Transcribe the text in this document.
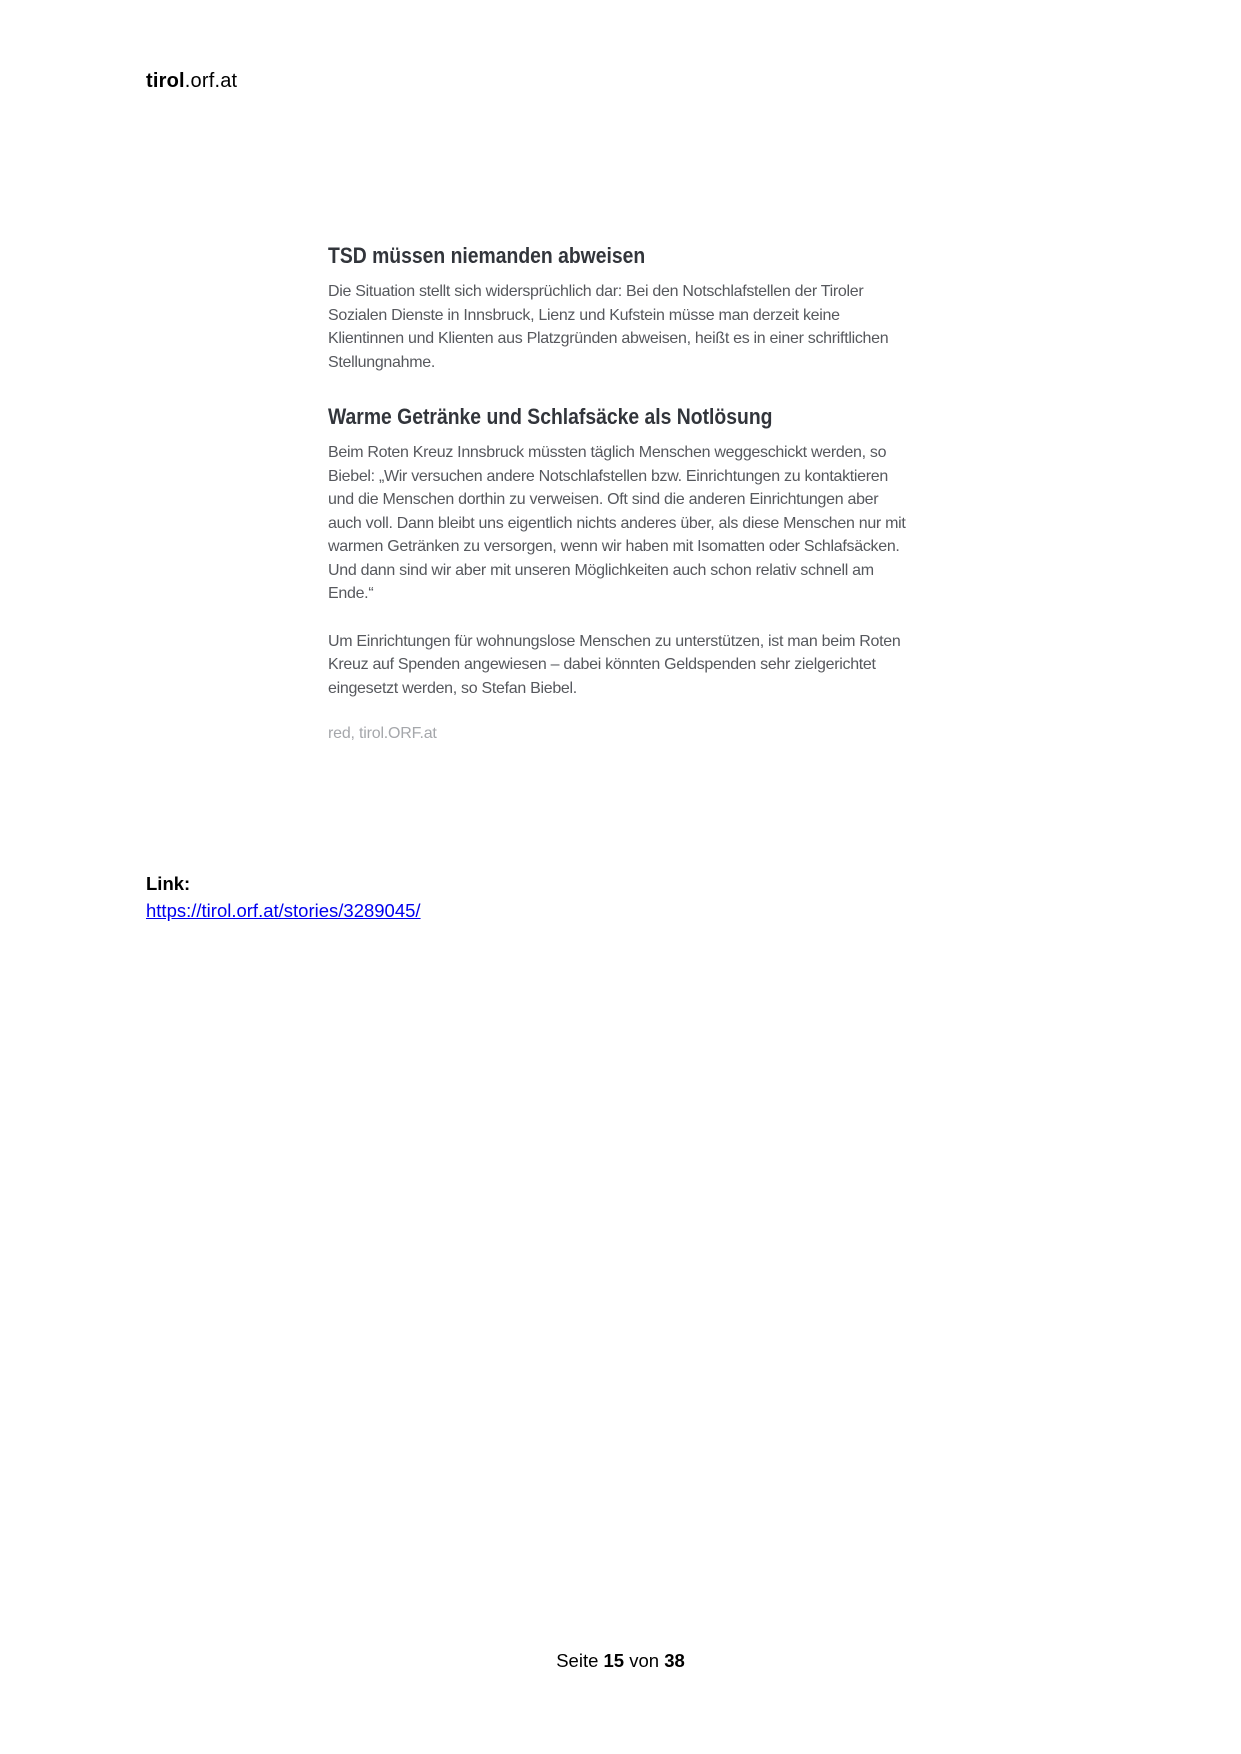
tirol.orf.at
TSD müssen niemanden abweisen

Die Situation stellt sich widersprüchlich dar: Bei den Notschlafstellen der Tiroler Sozialen Dienste in Innsbruck, Lienz und Kufstein müsse man derzeit keine Klientinnen und Klienten aus Platzgründen abweisen, heißt es in einer schriftlichen Stellungnahme.

Warme Getränke und Schlafsäcke als Notlösung

Beim Roten Kreuz Innsbruck müssten täglich Menschen weggeschickt werden, so Biebel: „Wir versuchen andere Notschlafstellen bzw. Einrichtungen zu kontaktieren und die Menschen dorthin zu verweisen. Oft sind die anderen Einrichtungen aber auch voll. Dann bleibt uns eigentlich nichts anderes über, als diese Menschen nur mit warmen Getränken zu versorgen, wenn wir haben mit Isomatten oder Schlafsäcken. Und dann sind wir aber mit unseren Möglichkeiten auch schon relativ schnell am Ende.“

Um Einrichtungen für wohnungslose Menschen zu unterstützen, ist man beim Roten Kreuz auf Spenden angewiesen – dabei könnten Geldspenden sehr zielgerichtet eingesetzt werden, so Stefan Biebel.

red, tirol.ORF.at
Link:
https://tirol.orf.at/stories/3289045/
Seite 15 von 38
